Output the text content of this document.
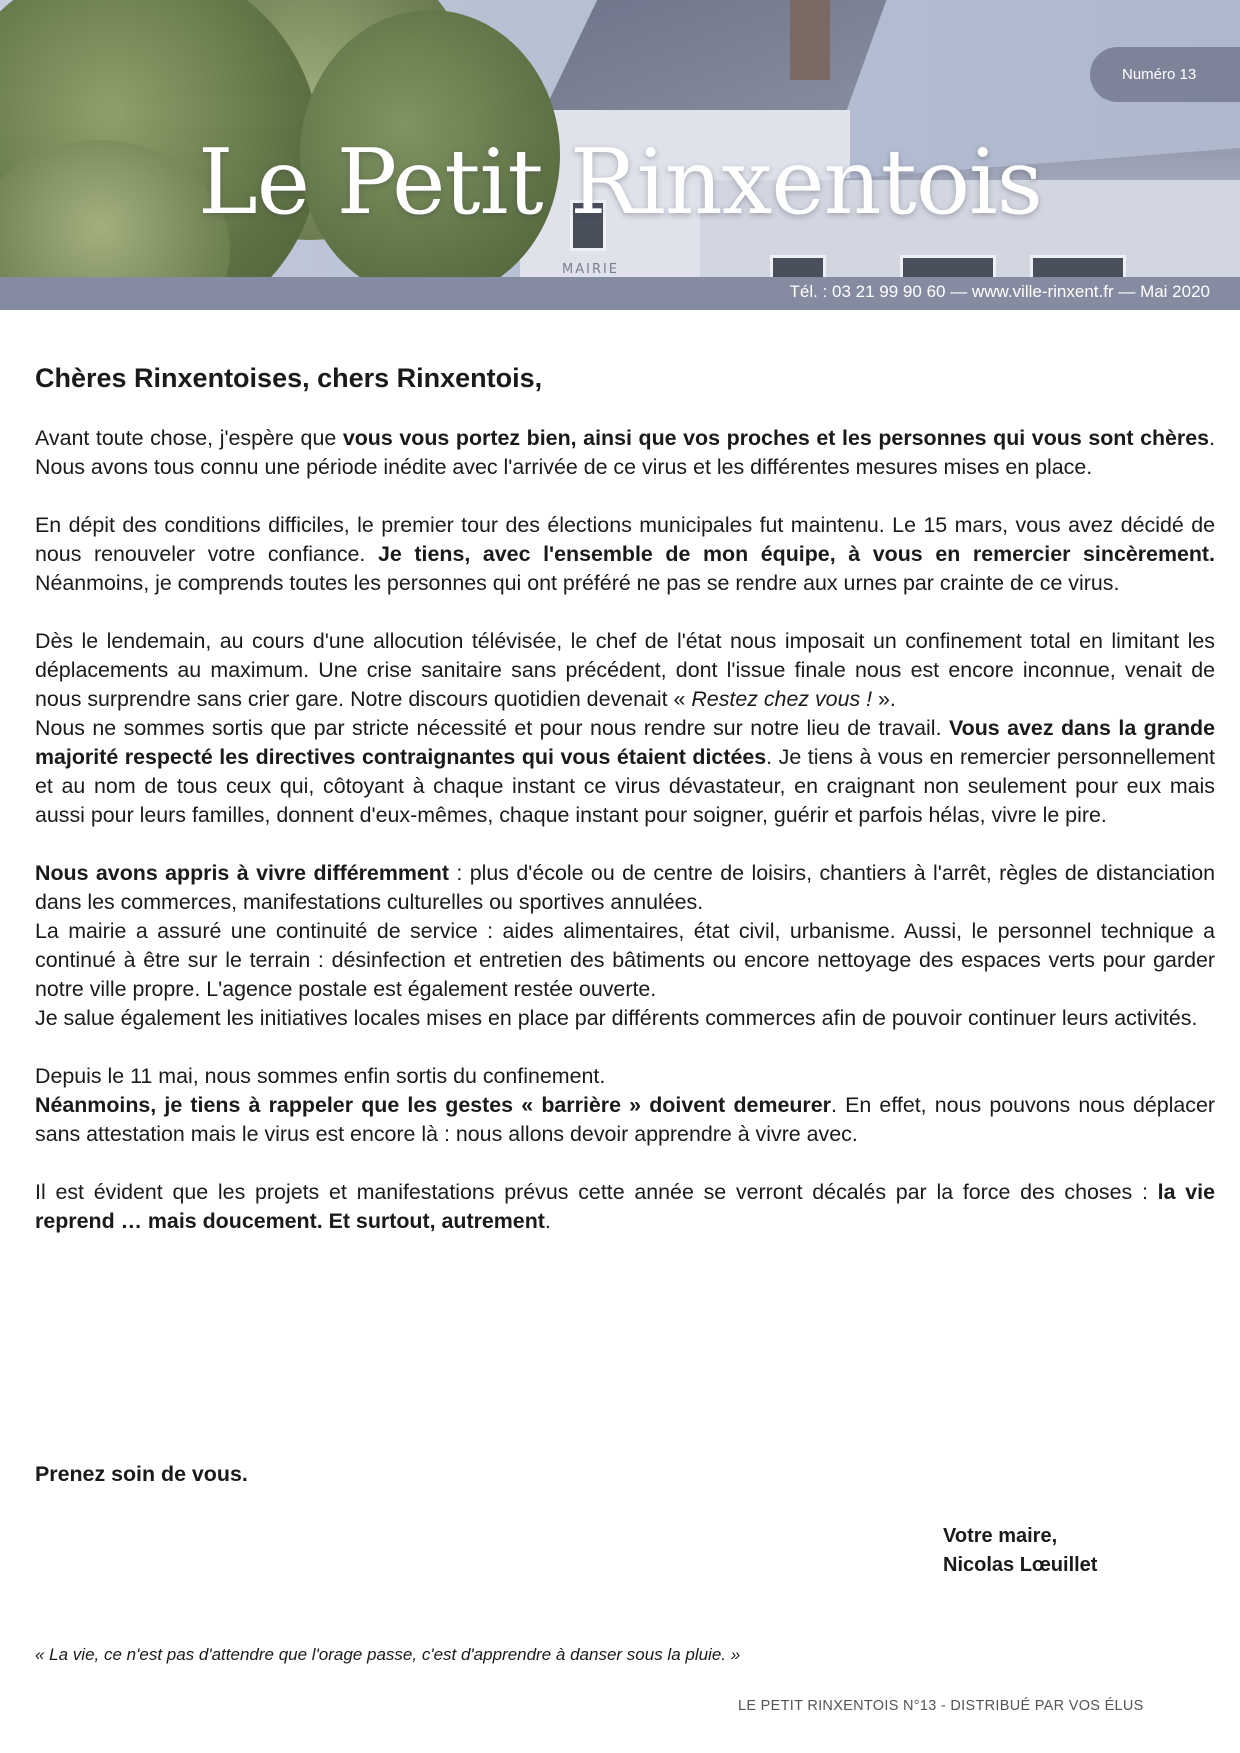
MAIRIE
Numéro 13
Le Petit Rinxentois
Tél. : 03 21 99 90 60 — www.ville-rinxent.fr — Mai 2020
Chères Rinxentoises, chers Rinxentois,

Avant toute chose, j'espère que vous vous portez bien, ainsi que vos proches et les personnes qui vous sont chères. Nous avons tous connu une période inédite avec l'arrivée de ce virus et les différentes mesures mises en place.

En dépit des conditions difficiles, le premier tour des élections municipales fut maintenu. Le 15 mars, vous avez décidé de nous renouveler votre confiance. Je tiens, avec l'ensemble de mon équipe, à vous en remercier sincèrement. Néanmoins, je comprends toutes les personnes qui ont préféré ne pas se rendre aux urnes par crainte de ce virus.

Dès le lendemain, au cours d'une allocution télévisée, le chef de l'état nous imposait un confinement total en limitant les déplacements au maximum. Une crise sanitaire sans précédent, dont l'issue finale nous est encore inconnue, venait de nous surprendre sans crier gare. Notre discours quotidien devenait « Restez chez vous ! ».

Nous ne sommes sortis que par stricte nécessité et pour nous rendre sur notre lieu de travail. Vous avez dans la grande majorité respecté les directives contraignantes qui vous étaient dictées. Je tiens à vous en remercier personnellement et au nom de tous ceux qui, côtoyant à chaque instant ce virus dévastateur, en craignant non seulement pour eux mais aussi pour leurs familles, donnent d'eux-mêmes, chaque instant pour soigner, guérir et parfois hélas, vivre le pire.

Nous avons appris à vivre différemment : plus d'école ou de centre de loisirs, chantiers à l'arrêt, règles de distanciation dans les commerces, manifestations culturelles ou sportives annulées.

La mairie a assuré une continuité de service : aides alimentaires, état civil, urbanisme. Aussi, le personnel technique a continué à être sur le terrain : désinfection et entretien des bâtiments ou encore nettoyage des espaces verts pour garder notre ville propre. L'agence postale est également restée ouverte.

Je salue également les initiatives locales mises en place par différents commerces afin de pouvoir continuer leurs activités.

Depuis le 11 mai, nous sommes enfin sortis du confinement.

Néanmoins, je tiens à rappeler que les gestes « barrière » doivent demeurer. En effet, nous pouvons nous déplacer sans attestation mais le virus est encore là : nous allons devoir apprendre à vivre avec.

Il est évident que les projets et manifestations prévus cette année se verront décalés par la force des choses : la vie reprend … mais doucement. Et surtout, autrement.

Prenez soin de vous.
Votre maire,
Nicolas Lœuillet
« La vie, ce n'est pas d'attendre que l'orage passe, c'est d'apprendre à danser sous la pluie. »
LE PETIT RINXENTOIS N°13 - DISTRIBUÉ PAR VOS ÉLUS
